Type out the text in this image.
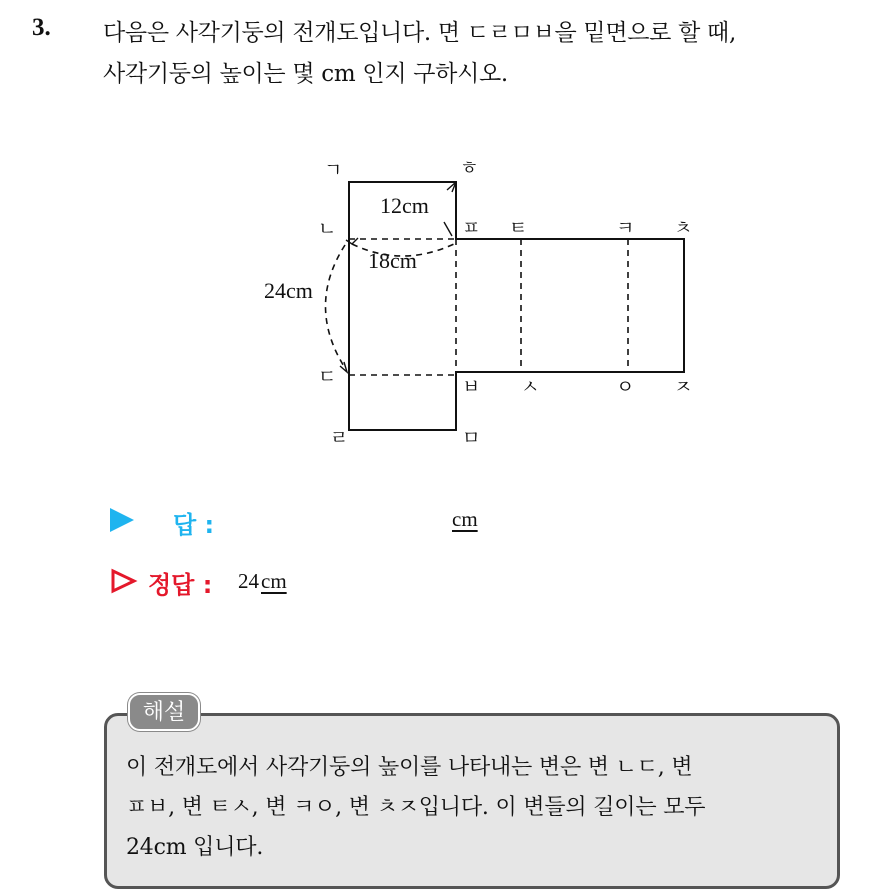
3. 다음은 사각기둥의 전개도입니다. 면 ㄷㄹㅁㅂ을 밑면으로 할 때,
사각기둥의 높이는 몇 cm 인지 구하시오.
ㄱ	ㅎ
ㄴ	ㅍ ㅌ	ㅋ ㅊ
ㄷ	ㅂ ㅅ	ㅇ ㅈ
ㄹ	ㅁ
12cm
18cm
24cm
답 :	cm
정답 : 24cm
해설
이 전개도에서 사각기둥의 높이를 나타내는 변은 변 ㄴㄷ, 변
ㅍㅂ, 변 ㅌㅅ, 변 ㅋㅇ, 변 ㅊㅈ입니다. 이 변들의 길이는 모두
24cm 입니다.
